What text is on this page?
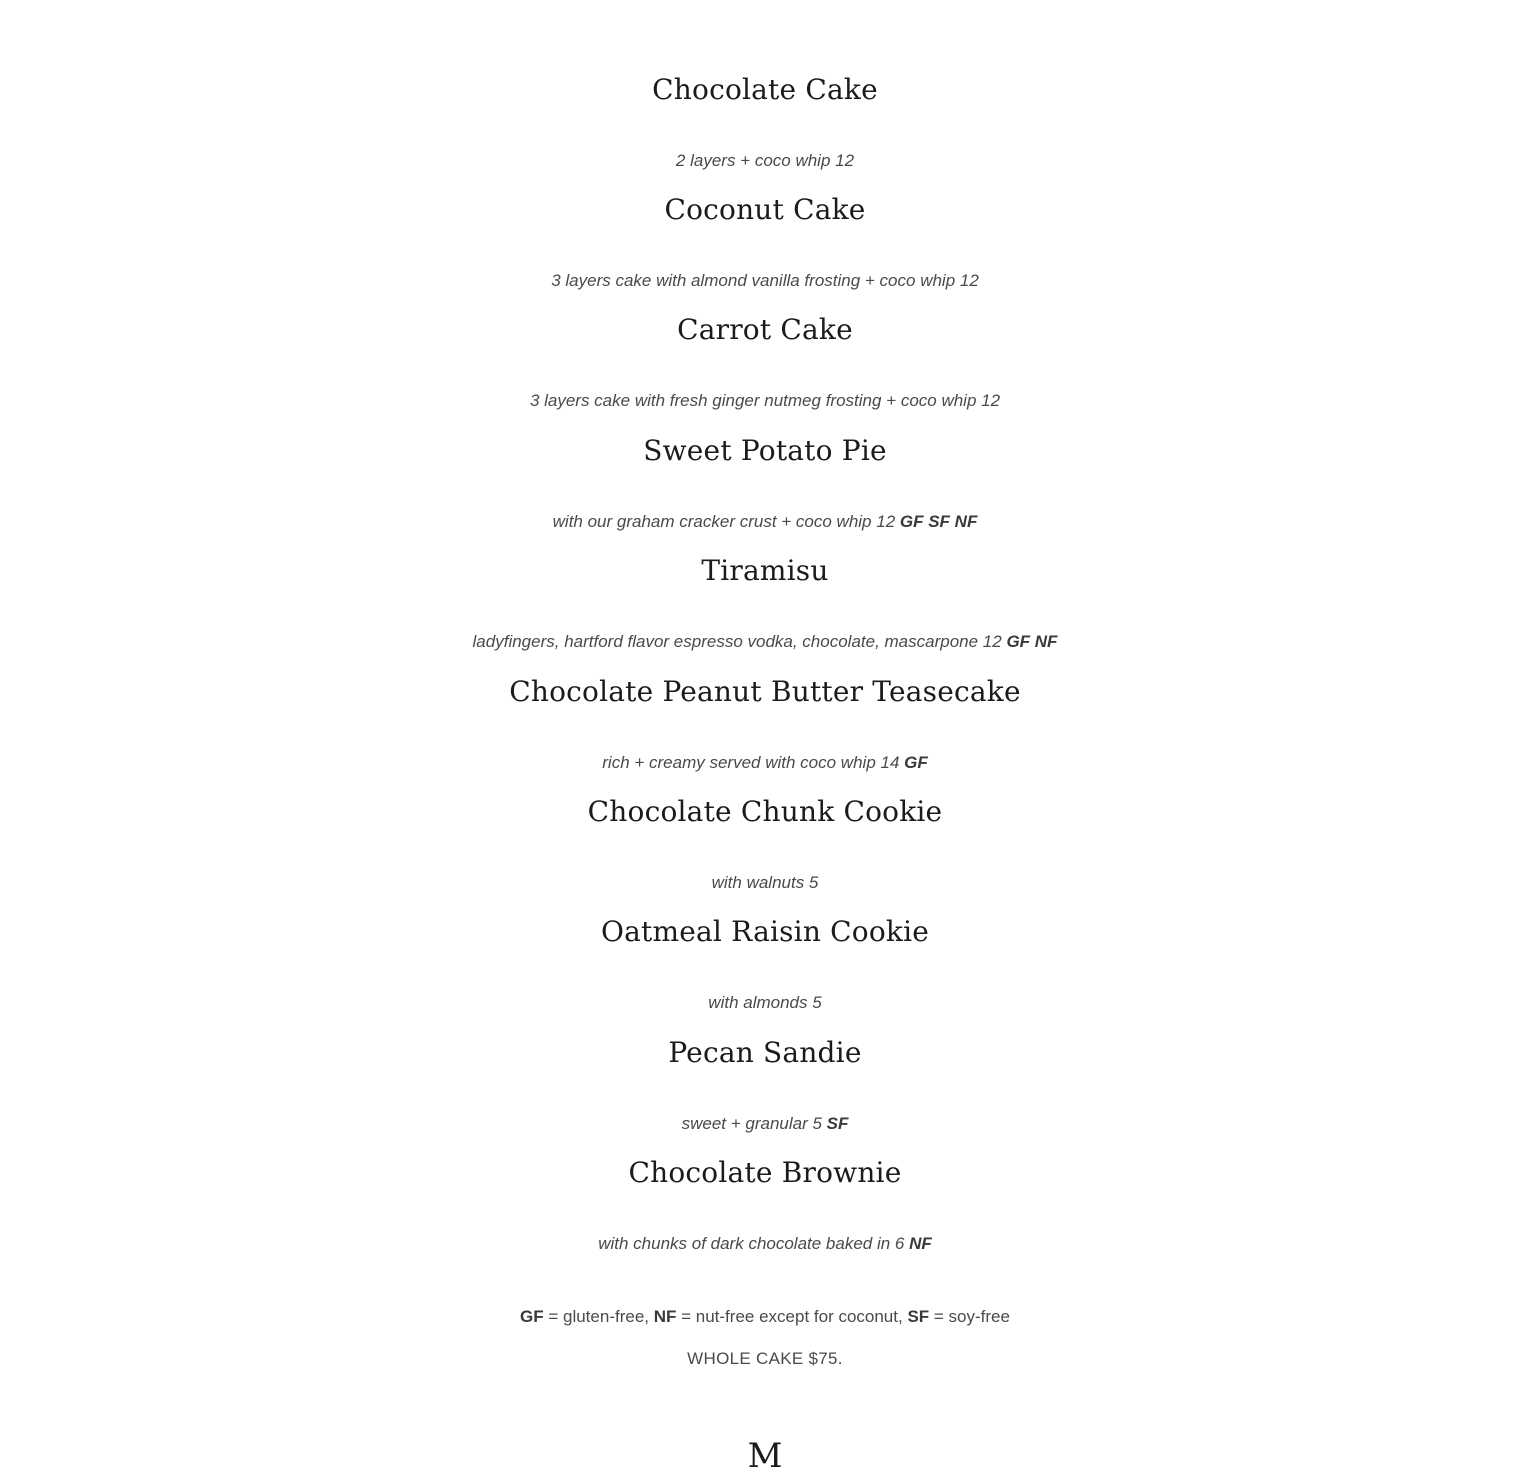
Chocolate Cake
2 layers + coco whip 12
Coconut Cake
3 layers cake with almond vanilla frosting + coco whip 12
Carrot Cake
3 layers cake with fresh ginger nutmeg frosting + coco whip 12
Sweet Potato Pie
with our graham cracker crust + coco whip 12 GF SF NF
Tiramisu
ladyfingers, hartford flavor espresso vodka, chocolate, mascarpone 12 GF NF
Chocolate Peanut Butter Teasecake
rich + creamy served with coco whip 14 GF
Chocolate Chunk Cookie
with walnuts 5
Oatmeal Raisin Cookie
with almonds 5
Pecan Sandie
sweet + granular 5 SF
Chocolate Brownie
with chunks of dark chocolate baked in 6 NF
GF = gluten-free, NF = nut-free except for coconut, SF = soy-free
WHOLE CAKE $75.
M
